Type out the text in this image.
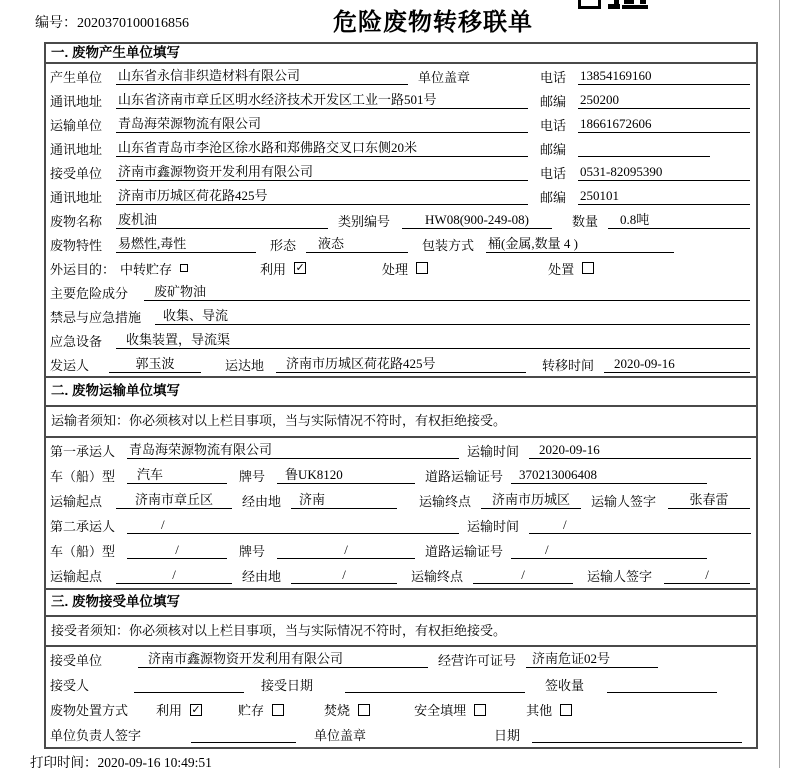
编号：2020370100016856	危险废物转移联单
一. 废物产生单位填写
产生单位 山东省永信非织造材料有限公司	单位盖章	电话 13854169160
通讯地址 山东省济南市章丘区明水经济技术开发区工业一路501号	邮编 250200
运输单位 青岛海荣源物流有限公司	电话 18661672606
通讯地址 山东省青岛市李沧区徐水路和郑佛路交叉口东侧20米	邮编
接受单位 济南市鑫源物资开发利用有限公司	电话 0531-82095390
通讯地址 济南市历城区荷花路425号	邮编 250101
废物名称 废机油	类别编号	HW08(900-249-08)	数量	0.8吨
废物特性 易燃性,毒性	形态	液态	包装方式 桶(金属,数量 4 )
外运目的： 中转贮存	利用 ✓	处理	处置
主要危险成分	废矿物油
禁忌与应急措施	收集、导流
应急设备	收集装置，导流渠
发运人	郭玉波	运达地	济南市历城区荷花路425号	转移时间	2020-09-16
二. 废物运输单位填写
运输者须知：你必须核对以上栏目事项，当与实际情况不符时，有权拒绝接受。
第一承运人 青岛海荣源物流有限公司	运输时间	2020-09-16
车（船）型	汽车	牌号	鲁UK8120	道路运输证号	370213006408
运输起点	济南市章丘区	经由地	济南	运输终点	济南市历城区	运输人签字	张春雷
第二承运人	/	运输时间	/
车（船）型	/	牌号	/	道路运输证号	/
运输起点	/	经由地	/	运输终点	/	运输人签字	/
三. 废物接受单位填写
接受者须知：你必须核对以上栏目事项，当与实际情况不符时，有权拒绝接受。
接受单位	济南市鑫源物资开发利用有限公司	经营许可证号	济南危证02号
接受人	接受日期	签收量
废物处置方式 利用 ✓	贮存	焚烧	安全填埋	其他
单位负责人签字	单位盖章	日期
打印时间：2020-09-16 10:49:51
